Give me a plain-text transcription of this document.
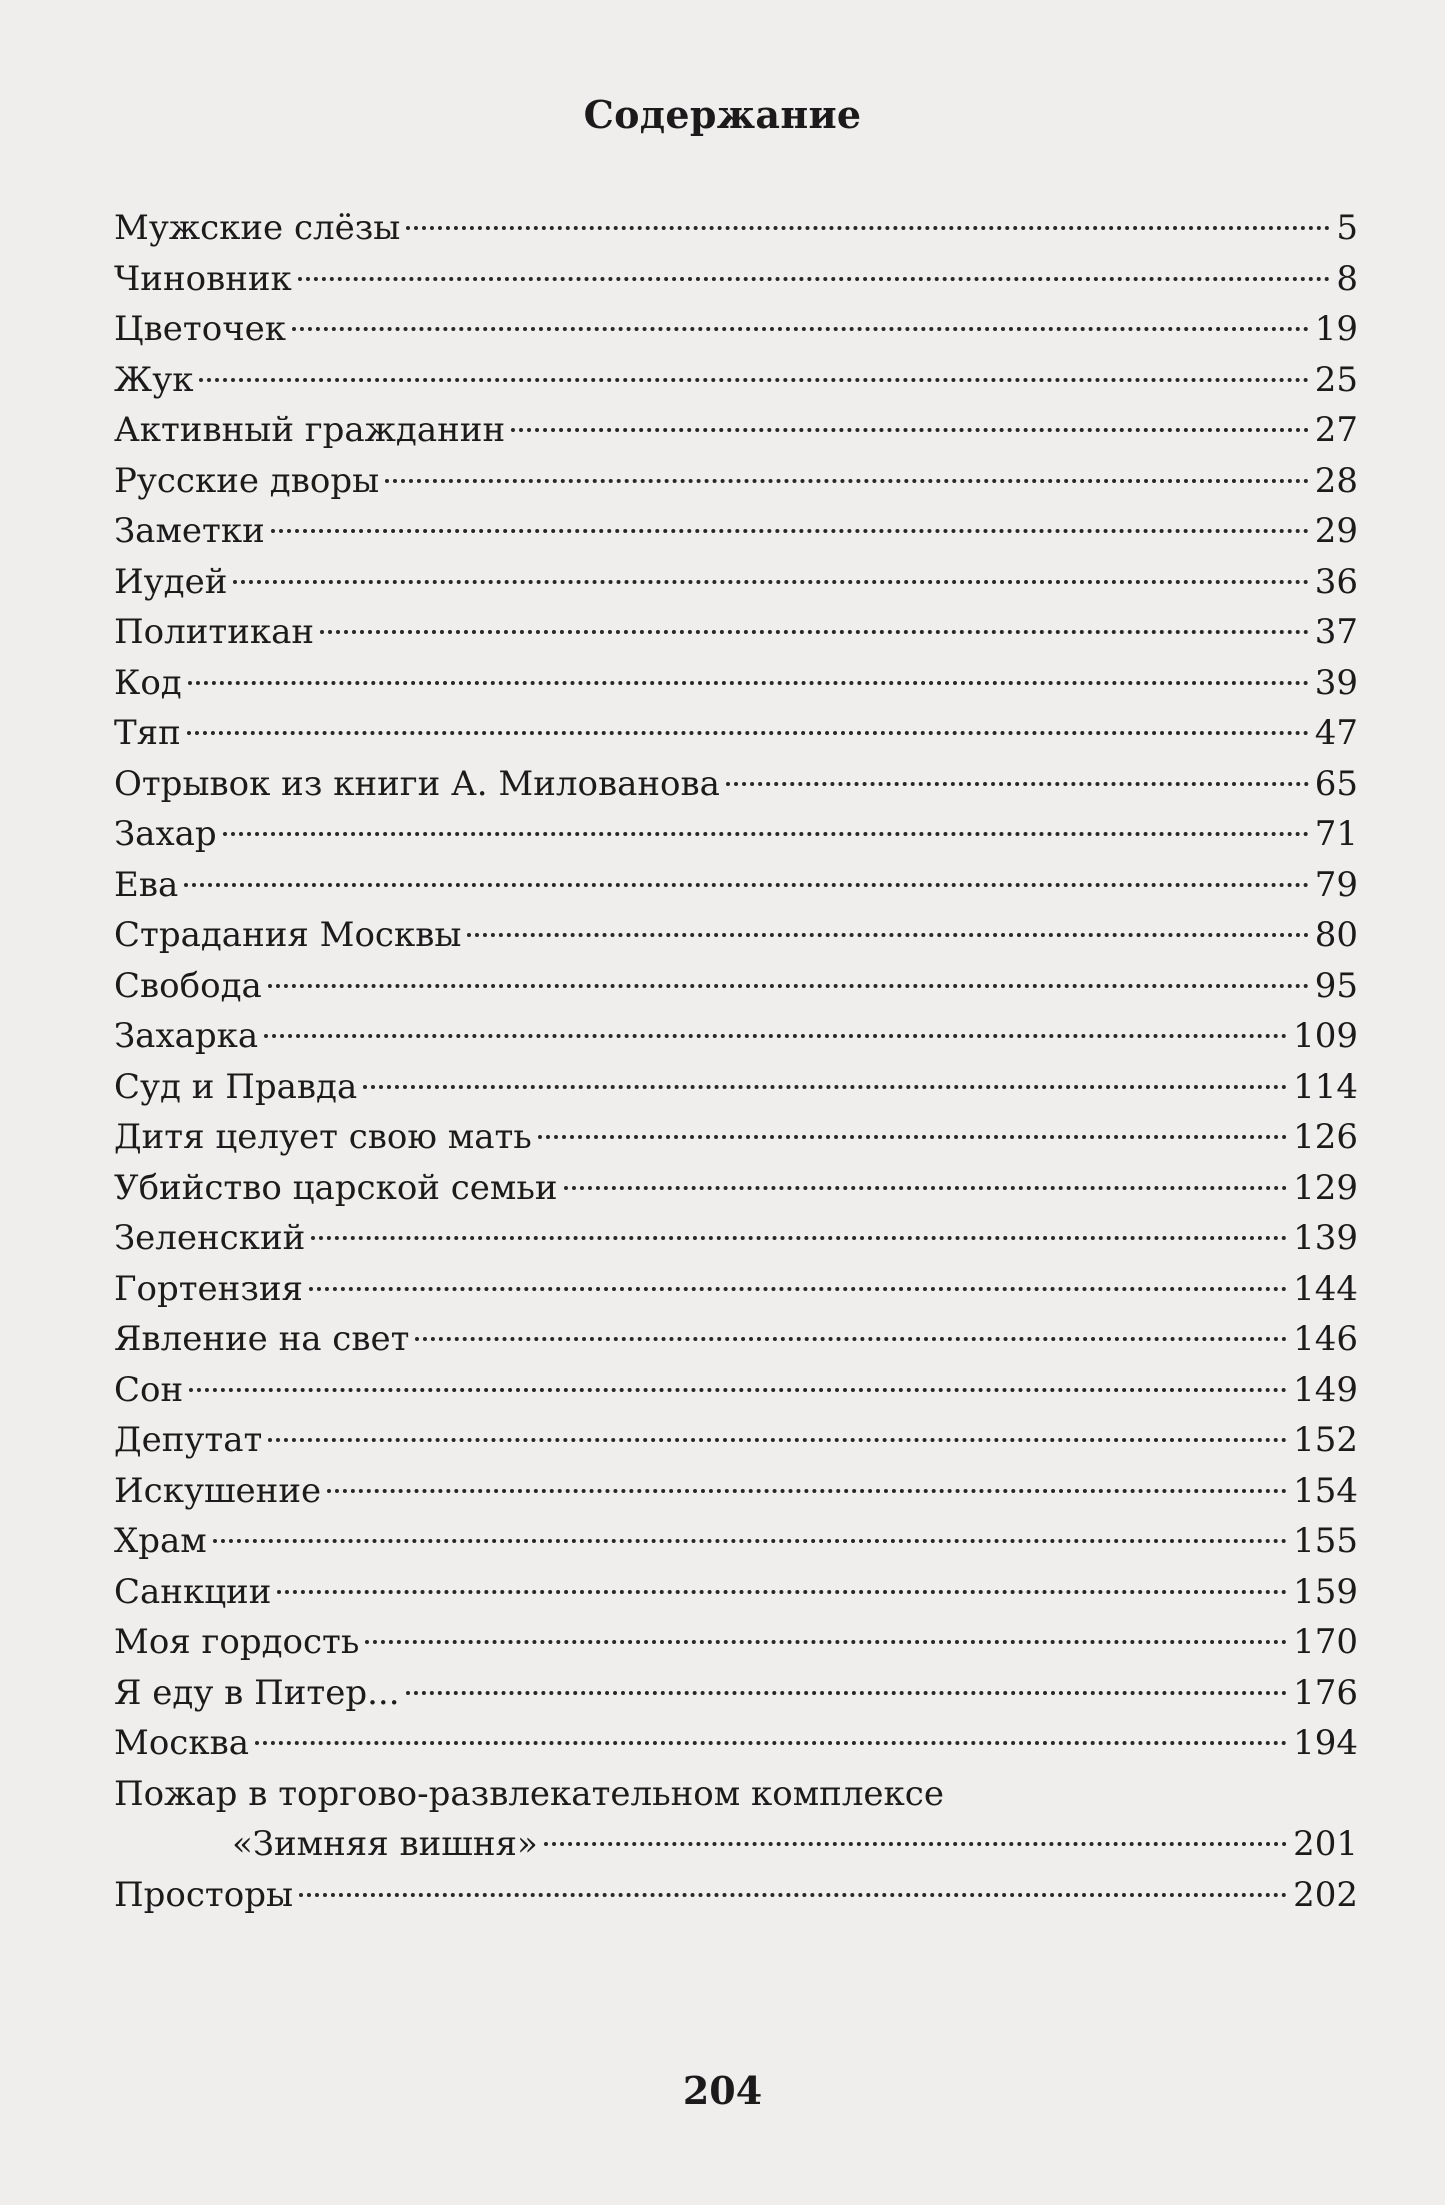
Содержание
Мужские слёзы	5
Чиновник	8
Цветочек	19
Жук	25
Активный гражданин	27
Русские дворы	28
Заметки	29
Иудей	36
Политикан	37
Код	39
Тяп	47
Отрывок из книги А. Милованова	65
Захар	71
Ева	79
Страдания Москвы	80
Свобода	95
Захарка	109
Суд и Правда	114
Дитя целует свою мать	126
Убийство царской семьи	129
Зеленский	139
Гортензия	144
Явление на свет	146
Сон	149
Депутат	152
Искушение	154
Храм	155
Санкции	159
Моя гордость	170
Я еду в Питер...	176
Москва	194
Пожар в торгово-развлекательном комплексе
«Зимняя вишня»	201
Просторы	202
204
